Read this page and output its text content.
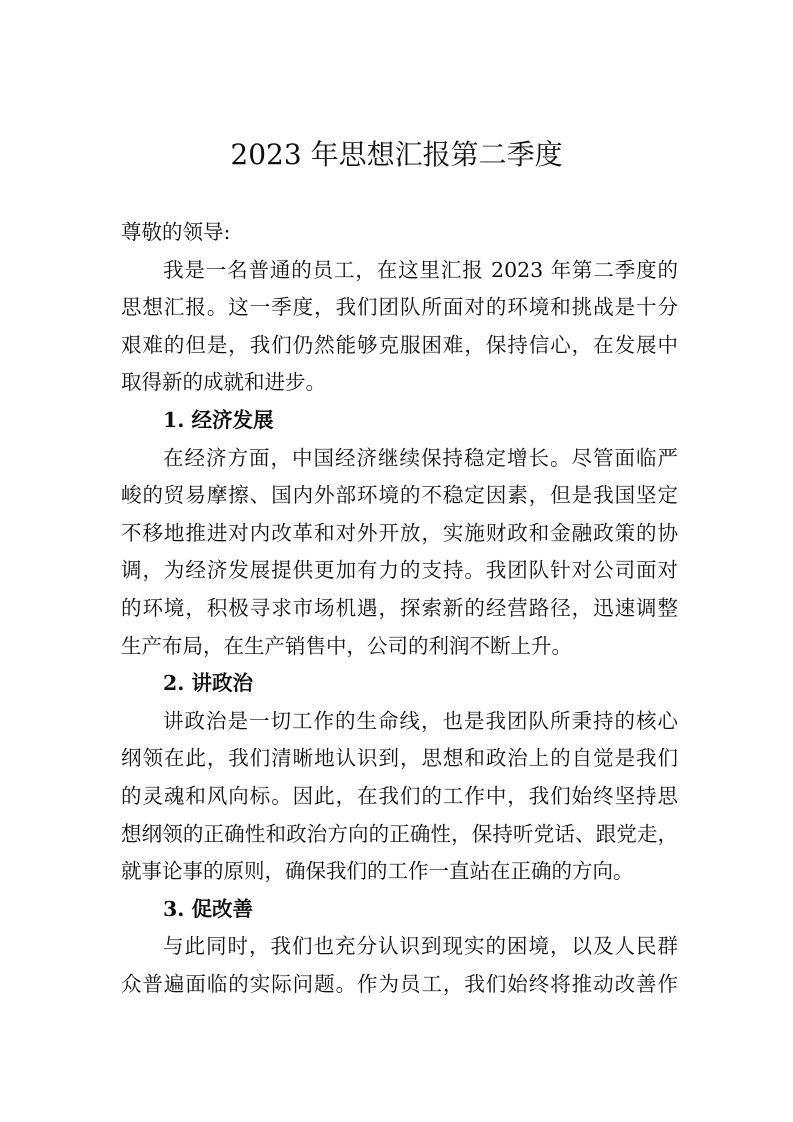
2023 年思想汇报第二季度
尊敬的领导:
我是一名普通的员工，在这里汇报 2023 年第二季度的
思想汇报。这一季度，我们团队所面对的环境和挑战是十分
艰难的但是，我们仍然能够克服困难，保持信心，在发展中
取得新的成就和进步。
1. 经济发展
在经济方面，中国经济继续保持稳定增长。尽管面临严
峻的贸易摩擦、国内外部环境的不稳定因素，但是我国坚定
不移地推进对内改革和对外开放，实施财政和金融政策的协
调，为经济发展提供更加有力的支持。我团队针对公司面对
的环境，积极寻求市场机遇，探索新的经营路径，迅速调整
生产布局，在生产销售中，公司的利润不断上升。
2. 讲政治
讲政治是一切工作的生命线，也是我团队所秉持的核心
纲领在此，我们清晰地认识到，思想和政治上的自觉是我们
的灵魂和风向标。因此，在我们的工作中，我们始终坚持思
想纲领的正确性和政治方向的正确性，保持听党话、跟党走，
就事论事的原则，确保我们的工作一直站在正确的方向。
3. 促改善
与此同时，我们也充分认识到现实的困境，以及人民群
众普遍面临的实际问题。作为员工，我们始终将推动改善作
